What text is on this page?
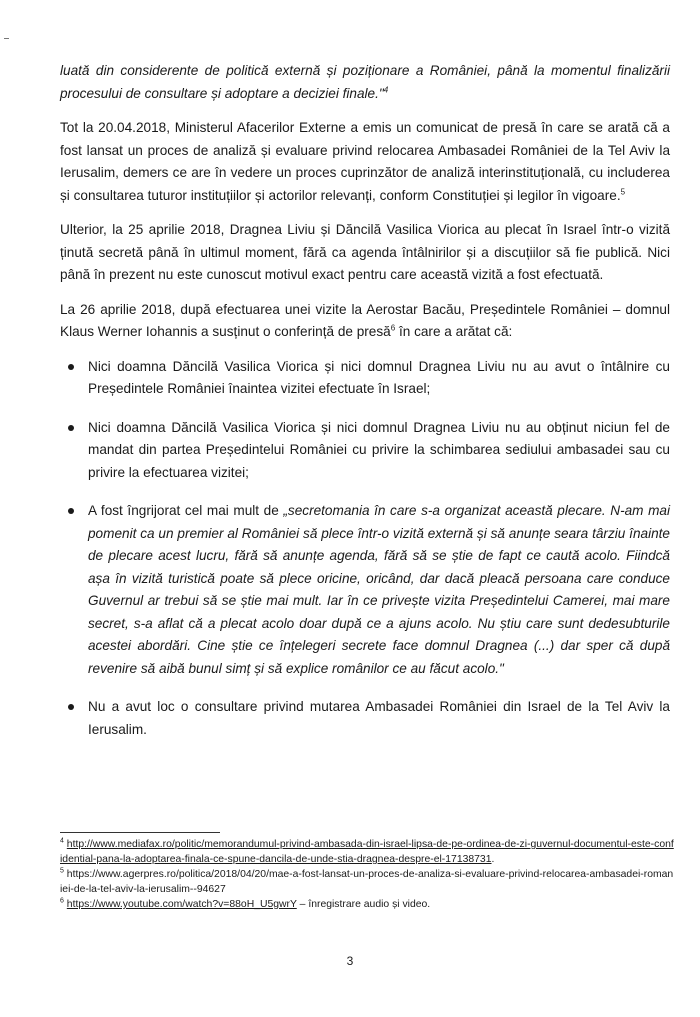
luată din considerente de politică externă și poziționare a României, până la momentul finalizării procesului de consultare și adoptare a deciziei finale."$^4$

Tot la 20.04.2018, Ministerul Afacerilor Externe a emis un comunicat de presă în care se arată că a fost lansat un proces de analiză și evaluare privind relocarea Ambasadei României de la Tel Aviv la Ierusalim, demers ce are în vedere un proces cuprinzător de analiză interinstituțională, cu includerea și consultarea tuturor instituțiilor și actorilor relevanți, conform Constituției și legilor în vigoare.$^5$

Ulterior, la 25 aprilie 2018, Dragnea Liviu și Dăncilă Vasilica Viorica au plecat în Israel într-o vizită ținută secretă până în ultimul moment, fără ca agenda întâlnirilor și a discuțiilor să fie publică. Nici până în prezent nu este cunoscut motivul exact pentru care această vizită a fost efectuată.

La 26 aprilie 2018, după efectuarea unei vizite la Aerostar Bacău, Președintele României – domnul Klaus Werner Iohannis a susținut o conferință de presă$^6$ în care a arătat că:

Nici doamna Dăncilă Vasilica Viorica și nici domnul Dragnea Liviu nu au avut o întâlnire cu Președintele României înaintea vizitei efectuate în Israel;
Nici doamna Dăncilă Vasilica Viorica și nici domnul Dragnea Liviu nu au obținut niciun fel de mandat din partea Președintelui României cu privire la schimbarea sediului ambasadei sau cu privire la efectuarea vizitei;
A fost îngrijorat cel mai mult de „secretomania în care s-a organizat această plecare. N-am mai pomenit ca un premier al României să plece într-o vizită externă și să anunțe seara târziu înainte de plecare acest lucru, fără să anunțe agenda, fără să se știe de fapt ce caută acolo. Fiindcă așa în vizită turistică poate să plece oricine, oricând, dar dacă pleacă persoana care conduce Guvernul ar trebui să se știe mai mult. Iar în ce privește vizita Președintelui Camerei, mai mare secret, s-a aflat că a plecat acolo doar după ce a ajuns acolo. Nu știu care sunt dedesubturile acestei abordări. Cine știe ce înțelegeri secrete face domnul Dragnea (...) dar sper că după revenire să aibă bunul simț și să explice românilor ce au făcut acolo."
Nu a avut loc o consultare privind mutarea Ambasadei României din Israel de la Tel Aviv la Ierusalim.

$^4$ http://www.mediafax.ro/politic/memorandumul-privind-ambasada-din-israel-lipsa-de-pe-ordinea-de-zi-guvernul-documentul-este-confidential-pana-la-adoptarea-finala-ce-spune-dancila-de-unde-stia-dragnea-despre-el-17138731.

$^5$ https://www.agerpres.ro/politica/2018/04/20/mae-a-fost-lansat-un-proces-de-analiza-si-evaluare-privind-relocarea-ambasadei-romaniei-de-la-tel-aviv-la-ierusalim--94627

$^6$ https://www.youtube.com/watch?v=88oH_U5gwrY – înregistrare audio și video.

3
